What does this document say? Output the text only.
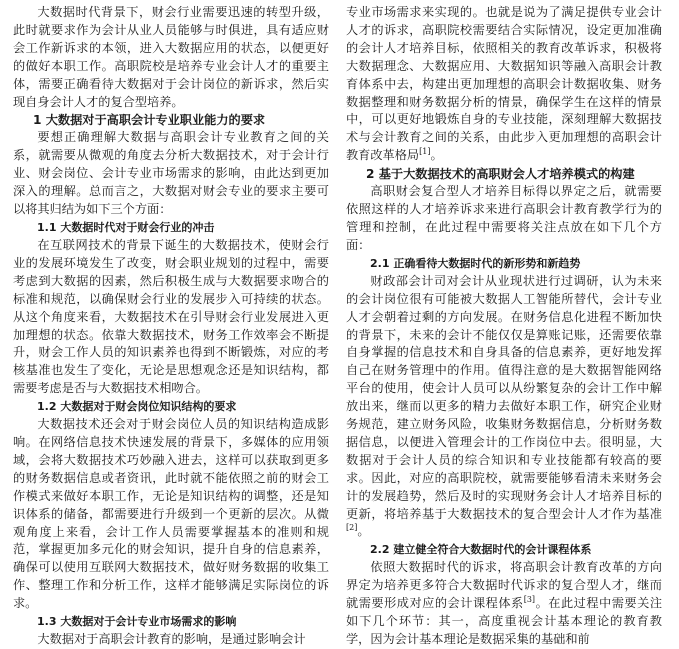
大数据时代背景下，财会行业需要迅速的转型升级，此时就要求作为会计从业人员能够与时俱进，具有适应财会工作新诉求的本领，进入大数据应用的状态，以便更好的做好本职工作。高职院校是培养专业会计人才的重要主体，需要正确看待大数据对于会计岗位的新诉求，然后实现自身会计人才的复合型培养。

1 大数据对于高职会计专业职业能力的要求

要想正确理解大数据与高职会计专业教育之间的关系，就需要从微观的角度去分析大数据技术，对于会计行业、财会岗位、会计专业市场需求的影响，由此达到更加深入的理解。总而言之，大数据对财会专业的要求主要可以将其归结为如下三个方面：

1.1 大数据时代对于财会行业的冲击

在互联网技术的背景下诞生的大数据技术，使财会行业的发展环境发生了改变，财会职业规划的过程中，需要考虑到大数据的因素，然后积极生成与大数据要求吻合的标准和规范，以确保财会行业的发展步入可持续的状态。从这个角度来看，大数据技术在引导财会行业发展进入更加理想的状态。依靠大数据技术，财务工作效率会不断提升，财会工作人员的知识素养也得到不断锻炼，对应的考核基准也发生了变化，无论是思想观念还是知识结构，都需要考虑是否与大数据技术相吻合。

1.2 大数据对于财会岗位知识结构的要求

大数据技术还会对于财会岗位人员的知识结构造成影响。在网络信息技术快速发展的背景下，多媒体的应用领域，会将大数据技术巧妙融入进去，这样可以获取到更多的财务数据信息或者资讯，此时就不能依照之前的财会工作模式来做好本职工作，无论是知识结构的调整，还是知识体系的储备，都需要进行升级到一个更新的层次。从微观角度上来看，会计工作人员需要掌握基本的准则和规范，掌握更加多元化的财会知识，提升自身的信息素养，确保可以使用互联网大数据技术，做好财务数据的收集工作、整理工作和分析工作，这样才能够满足实际岗位的诉求。

1.3 大数据对于会计专业市场需求的影响

大数据对于高职会计教育的影响，是通过影响会计

专业市场需求来实现的。也就是说为了满足提供专业会计人才的诉求，高职院校需要结合实际情况，设定更加准确的会计人才培养目标，依照相关的教育改革诉求，积极将大数据理念、大数据应用、大数据知识等融入高职会计教育体系中去，构建出更加理想的高职会计数据收集、财务数据整理和财务数据分析的情景，确保学生在这样的情景中，可以更好地锻炼自身的专业技能，深刻理解大数据技术与会计教育之间的关系，由此步入更加理想的高职会计教育改革格局[1]。

2 基于大数据技术的高职财会人才培养模式的构建

高职财会复合型人才培养目标得以界定之后，就需要依照这样的人才培养诉求来进行高职会计教育教学行为的管理和控制，在此过程中需要将关注点放在如下几个方面：

2.1 正确看待大数据时代的新形势和新趋势

财政部会计司对会计从业现状进行过调研，认为未来的会计岗位很有可能被大数据人工智能所替代，会计专业人才会朝着过剩的方向发展。在财务信息化进程不断加快的背景下，未来的会计不能仅仅是算账记账，还需要依靠自身掌握的信息技术和自身具备的信息素养，更好地发挥自己在财务管理中的作用。值得注意的是大数据智能网络平台的使用，使会计人员可以从纷繁复杂的会计工作中解放出来，继而以更多的精力去做好本职工作，研究企业财务规范，建立财务风险，收集财务数据信息，分析财务数据信息，以便进入管理会计的工作岗位中去。很明显，大数据对于会计人员的综合知识和专业技能都有较高的要求。因此，对应的高职院校，就需要能够看清未来财务会计的发展趋势，然后及时的实现财务会计人才培养目标的更新，将培养基于大数据技术的复合型会计人才作为基准[2]。

2.2 建立健全符合大数据时代的会计课程体系

依照大数据时代的诉求，将高职会计教育改革的方向界定为培养更多符合大数据时代诉求的复合型人才，继而就需要形成对应的会计课程体系[3]。在此过程中需要关注如下几个环节：其一，高度重视会计基本理论的教育教学，因为会计基本理论是数据采集的基础和前
